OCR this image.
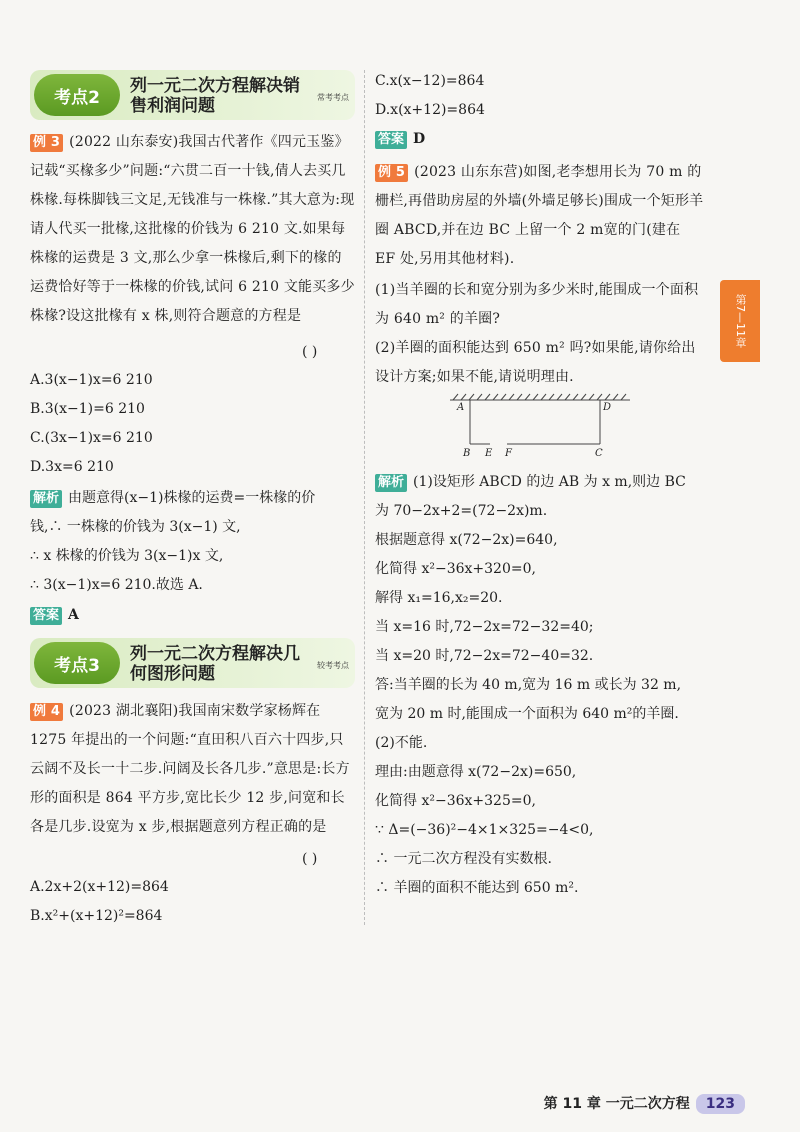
考点2
列一元二次方程解决销售利润问题	常考考点
例 3 (2022 山东泰安)我国古代著作《四元玉鉴》记载“买椽多少”问题:“六贯二百一十钱,倩人去买几株椽.每株脚钱三文足,无钱准与一株椽.”其大意为:现请人代买一批椽,这批椽的价钱为 6 210 文.如果每株椽的运费是 3 文,那么少拿一株椽后,剩下的椽的运费恰好等于一株椽的价钱,试问 6 210 文能买多少株椽?设这批椽有 x 株,则符合题意的方程是
( )
A.3(x−1)x=6 210
B.3(x−1)=6 210
C.(3x−1)x=6 210
D.3x=6 210
解析 由题意得(x−1)株椽的运费=一株椽的价
钱,∴ 一株椽的价钱为 3(x−1) 文,
∴ x 株椽的价钱为 3(x−1)x 文,
∴ 3(x−1)x=6 210.故选 A.
答案 A
考点3
列一元二次方程解决几何图形问题	较考考点
例 4 (2023 湖北襄阳)我国南宋数学家杨辉在 1275 年提出的一个问题:“直田积八百六十四步,只云阔不及长一十二步.问阔及长各几步.”意思是:长方形的面积是 864 平方步,宽比长少 12 步,问宽和长各是几步.设宽为 x 步,根据题意列方程正确的是
( )
A.2x+2(x+12)=864
B.x²+(x+12)²=864
C.x(x−12)=864
D.x(x+12)=864
答案 D
例 5 (2023 山东东营)如图,老李想用长为 70 m 的栅栏,再借助房屋的外墙(外墙足够长)围成一个矩形羊圈 ABCD,并在边 BC 上留一个 2 m宽的门(建在 EF 处,另用其他材料).
(1)当羊圈的长和宽分别为多少米时,能围成一个面积为 640 m² 的羊圈?
(2)羊圈的面积能达到 650 m² 吗?如果能,请你给出设计方案;如果不能,请说明理由.
A	D
B E F	C
解析 (1)设矩形 ABCD 的边 AB 为 x m,则边 BC
为 70−2x+2=(72−2x)m.
根据题意得 x(72−2x)=640,
化简得 x²−36x+320=0,
解得 x₁=16,x₂=20.
当 x=16 时,72−2x=72−32=40;
当 x=20 时,72−2x=72−40=32.
答:当羊圈的长为 40 m,宽为 16 m 或长为 32 m,
宽为 20 m 时,能围成一个面积为 640 m²的羊圈.
(2)不能.
理由:由题意得 x(72−2x)=650,
化简得 x²−36x+325=0,
∵ Δ=(−36)²−4×1×325=−4<0,
∴ 一元二次方程没有实数根.
∴ 羊圈的面积不能达到 650 m².
第7—11章
第 11 章 一元二次方程 123
